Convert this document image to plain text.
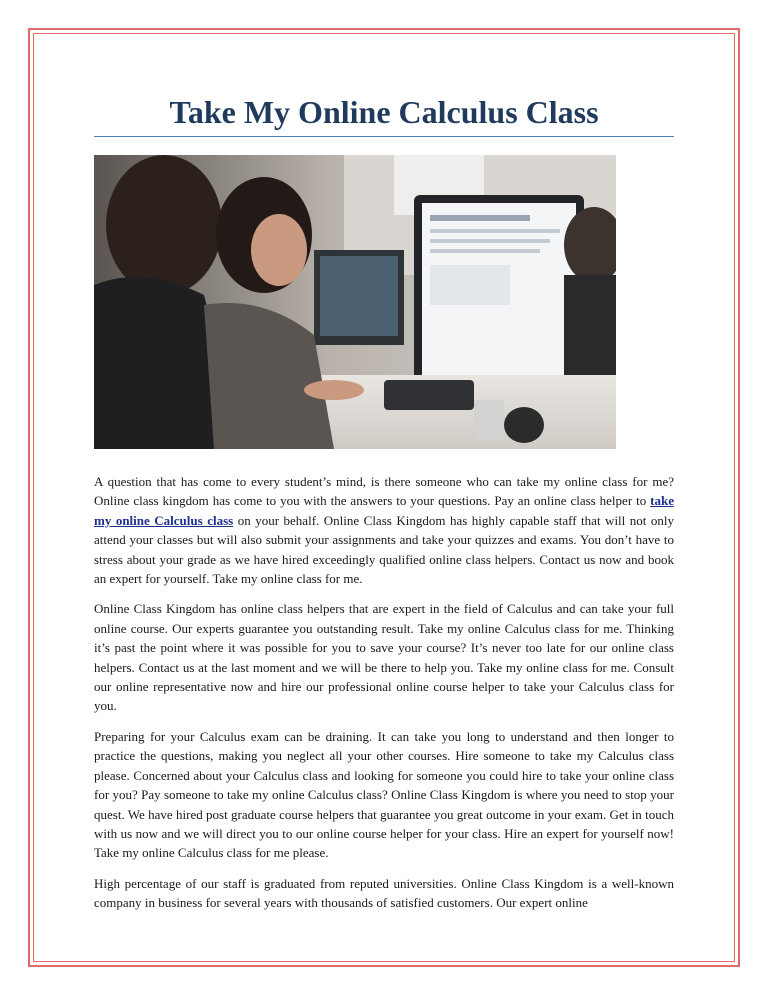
Take My Online Calculus Class

A question that has come to every student’s mind, is there someone who can take my online class for me? Online class kingdom has come to you with the answers to your questions. Pay an online class helper to take my online Calculus class on your behalf. Online Class Kingdom has highly capable staff that will not only attend your classes but will also submit your assignments and take your quizzes and exams. You don’t have to stress about your grade as we have hired exceedingly qualified online class helpers. Contact us now and book an expert for yourself. Take my online class for me.

Online Class Kingdom has online class helpers that are expert in the field of Calculus and can take your full online course. Our experts guarantee you outstanding result. Take my online Calculus class for me. Thinking it’s past the point where it was possible for you to save your course? It’s never too late for our online class helpers. Contact us at the last moment and we will be there to help you. Take my online class for me. Consult our online representative now and hire our professional online course helper to take your Calculus class for you.

Preparing for your Calculus exam can be draining. It can take you long to understand and then longer to practice the questions, making you neglect all your other courses. Hire someone to take my Calculus class please. Concerned about your Calculus class and looking for someone you could hire to take your online class for you? Pay someone to take my online Calculus class? Online Class Kingdom is where you need to stop your quest. We have hired post graduate course helpers that guarantee you great outcome in your exam. Get in touch with us now and we will direct you to our online course helper for your class. Hire an expert for yourself now! Take my online Calculus class for me please.

High percentage of our staff is graduated from reputed universities. Online Class Kingdom is a well-known company in business for several years with thousands of satisfied customers. Our expert online
